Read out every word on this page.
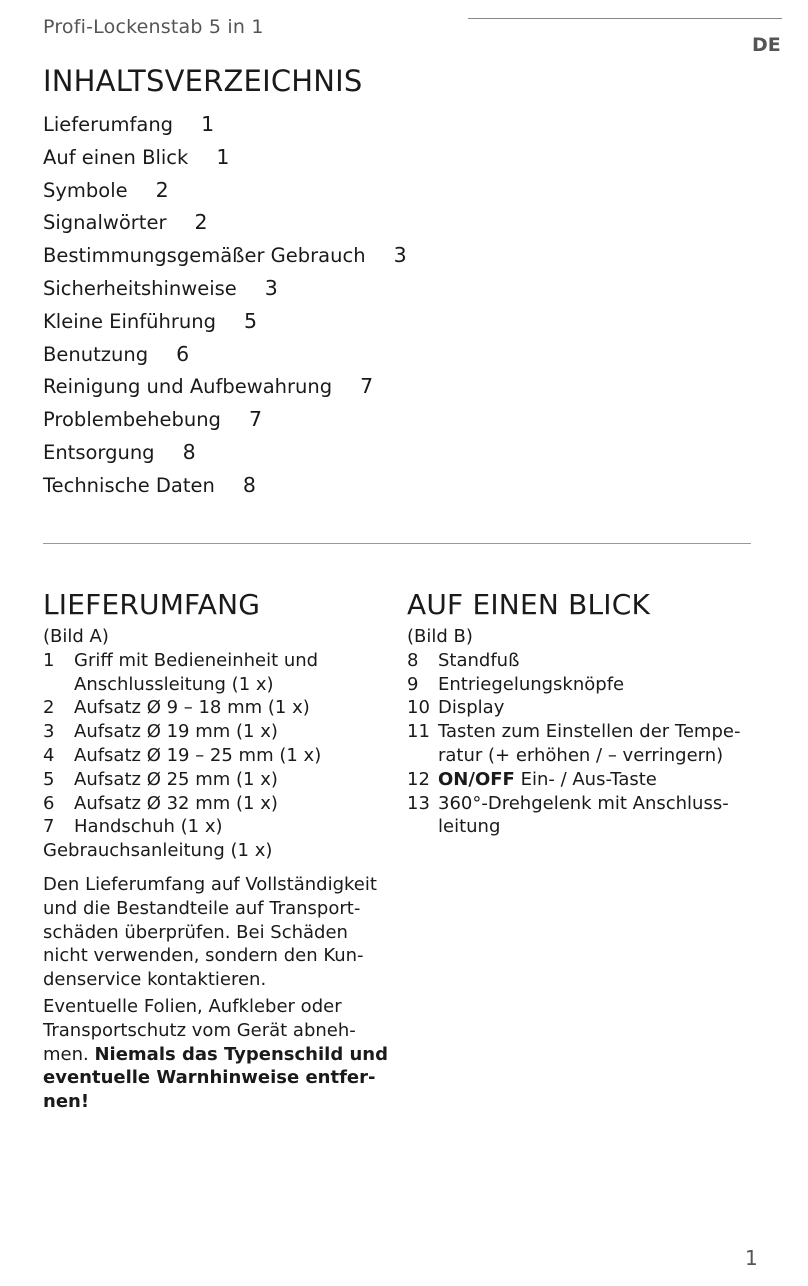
Profi-Lockenstab 5 in 1
DE
INHALTSVERZEICHNIS
Lieferumfang 1
Auf einen Blick 1
Symbole 2
Signalwörter 2
Bestimmungsgemäßer Gebrauch 3
Sicherheitshinweise 3
Kleine Einführung 5
Benutzung 6
Reinigung und Aufbewahrung 7
Problembehebung 7
Entsorgung 8
Technische Daten 8
LIEFERUMFANG

(Bild A)

1	Griff mit Bedieneinheit und Anschlussleitung (1 x)
2	Aufsatz Ø 9 – 18 mm (1 x)
3	Aufsatz Ø 19 mm (1 x)
4	Aufsatz Ø 19 – 25 mm (1 x)
5	Aufsatz Ø 25 mm (1 x)
6	Aufsatz Ø 32 mm (1 x)
7	Handschuh (1 x)

Gebrauchsanleitung (1 x)

Den Lieferumfang auf Vollständigkeit und die Bestandteile auf Transportschäden überprüfen. Bei Schäden nicht verwenden, sondern den Kundenservice kontaktieren.

Eventuelle Folien, Aufkleber oder Transportschutz vom Gerät abnehmen. Niemals das Typenschild und eventuelle Warnhinweise entfernen!

AUF EINEN BLICK

(Bild B)

8	Standfuß
9	Entriegelungsknöpfe
10 Display
11 Tasten zum Einstellen der Temperatur (+ erhöhen / – verringern)
12 ON/OFF Ein- / Aus-Taste
13 360°-Drehgelenk mit Anschlussleitung
1
